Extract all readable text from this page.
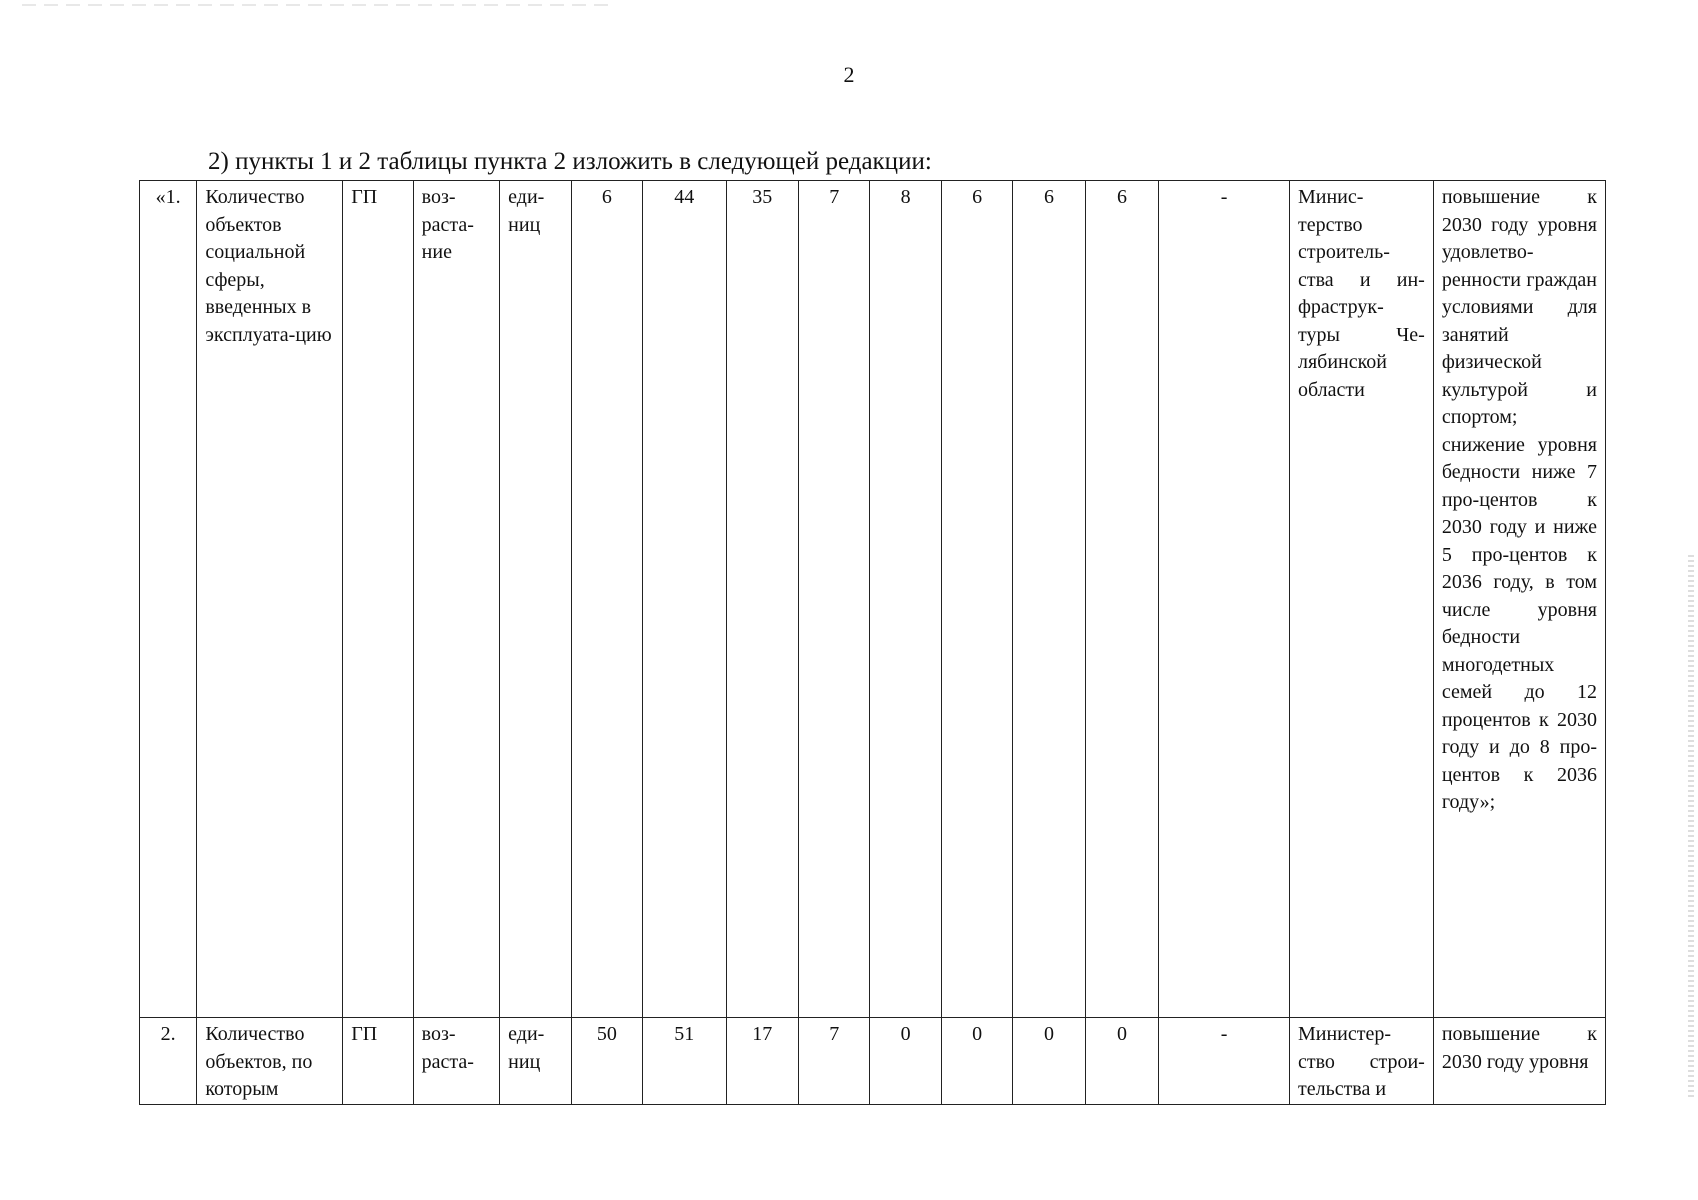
2
2) пункты 1 и 2 таблицы пункта 2 изложить в следующей редакции:
«1.	Количество объектов социальной сферы, введенных в эксплуата-цию	ГП	воз-раста-ние	еди-ниц	6	44	35	7	8	6	6	6	-	Минис-терство строитель-ства и ин-фраструк-туры Че-лябинской области	повышение к 2030 году уровня удовлетво-ренности граждан условиями для занятий физической культурой и спортом; снижение уровня бедности ниже 7 про-центов к 2030 году и ниже 5 про-центов к 2036 году, в том числе уровня бедности многодетных семей до 12 процентов к 2030 году и до 8 про-центов к 2036 году»;
2.	Количество объектов, по которым	ГП	воз-раста-	еди-ниц	50	51	17	7	0	0	0	0	-	Министер-ство строи-тельства и	повышение к 2030 году уровня
